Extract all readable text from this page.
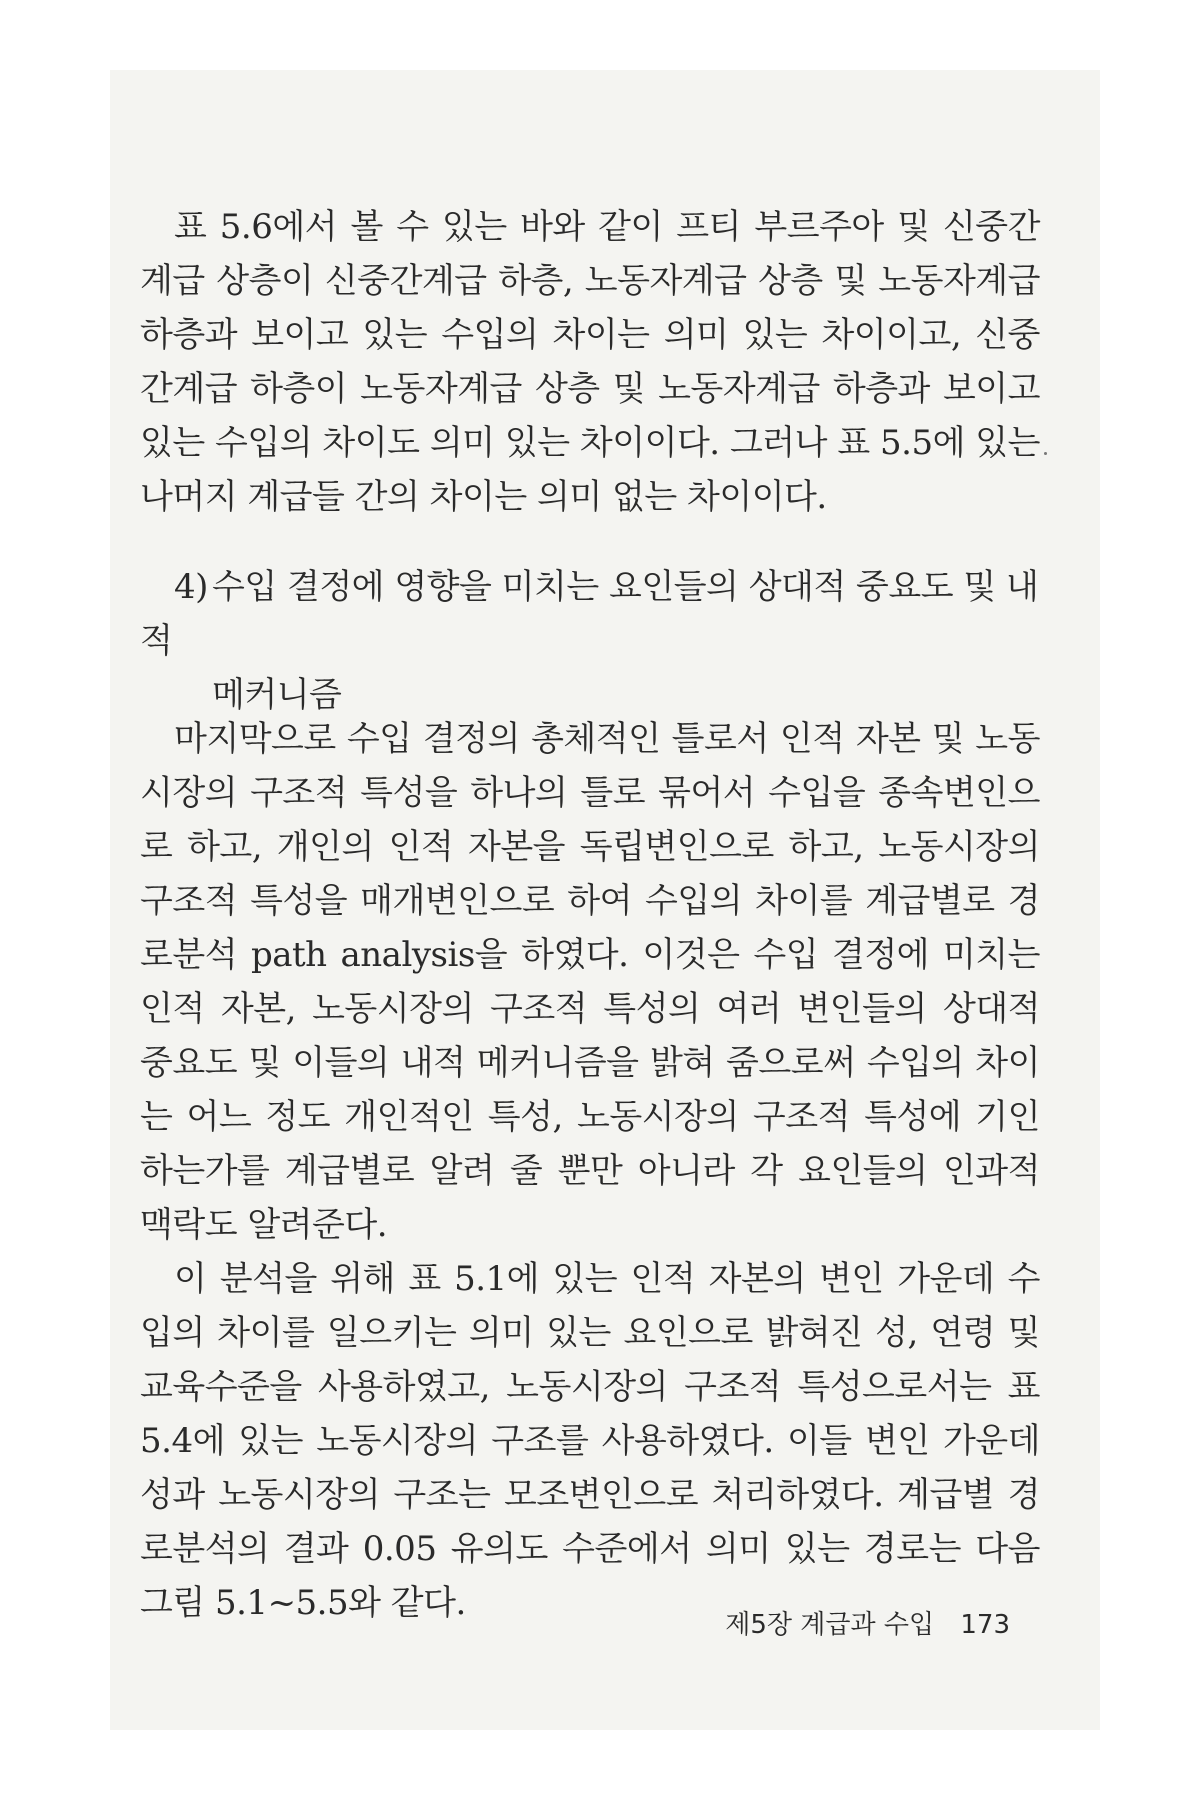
표 5.6에서 볼 수 있는 바와 같이 프티 부르주아 및 신중간계급 상층이 신중간계급 하층, 노동자계급 상층 및 노동자계급 하층과 보이고 있는 수입의 차이는 의미 있는 차이이고, 신중간계급 하층이 노동자계급 상층 및 노동자계급 하층과 보이고 있는 수입의 차이도 의미 있는 차이이다. 그러나 표 5.5에 있는 나머지 계급들 간의 차이는 의미 없는 차이이다.

4) 수입 결정에 영향을 미치는 요인들의 상대적 중요도 및 내적
메커니즘

마지막으로 수입 결정의 총체적인 틀로서 인적 자본 및 노동시장의 구조적 특성을 하나의 틀로 묶어서 수입을 종속변인으로 하고, 개인의 인적 자본을 독립변인으로 하고, 노동시장의 구조적 특성을 매개변인으로 하여 수입의 차이를 계급별로 경로분석 path analysis을 하였다. 이것은 수입 결정에 미치는 인적 자본, 노동시장의 구조적 특성의 여러 변인들의 상대적 중요도 및 이들의 내적 메커니즘을 밝혀 줌으로써 수입의 차이는 어느 정도 개인적인 특성, 노동시장의 구조적 특성에 기인하는가를 계급별로 알려 줄 뿐만 아니라 각 요인들의 인과적 맥락도 알려준다.

이 분석을 위해 표 5.1에 있는 인적 자본의 변인 가운데 수입의 차이를 일으키는 의미 있는 요인으로 밝혀진 성, 연령 및 교육수준을 사용하였고, 노동시장의 구조적 특성으로서는 표 5.4에 있는 노동시장의 구조를 사용하였다. 이들 변인 가운데 성과 노동시장의 구조는 모조변인으로 처리하였다. 계급별 경로분석의 결과 0.05 유의도 수준에서 의미 있는 경로는 다음 그림 5.1~5.5와 같다.

제5장 계급과 수입 173
